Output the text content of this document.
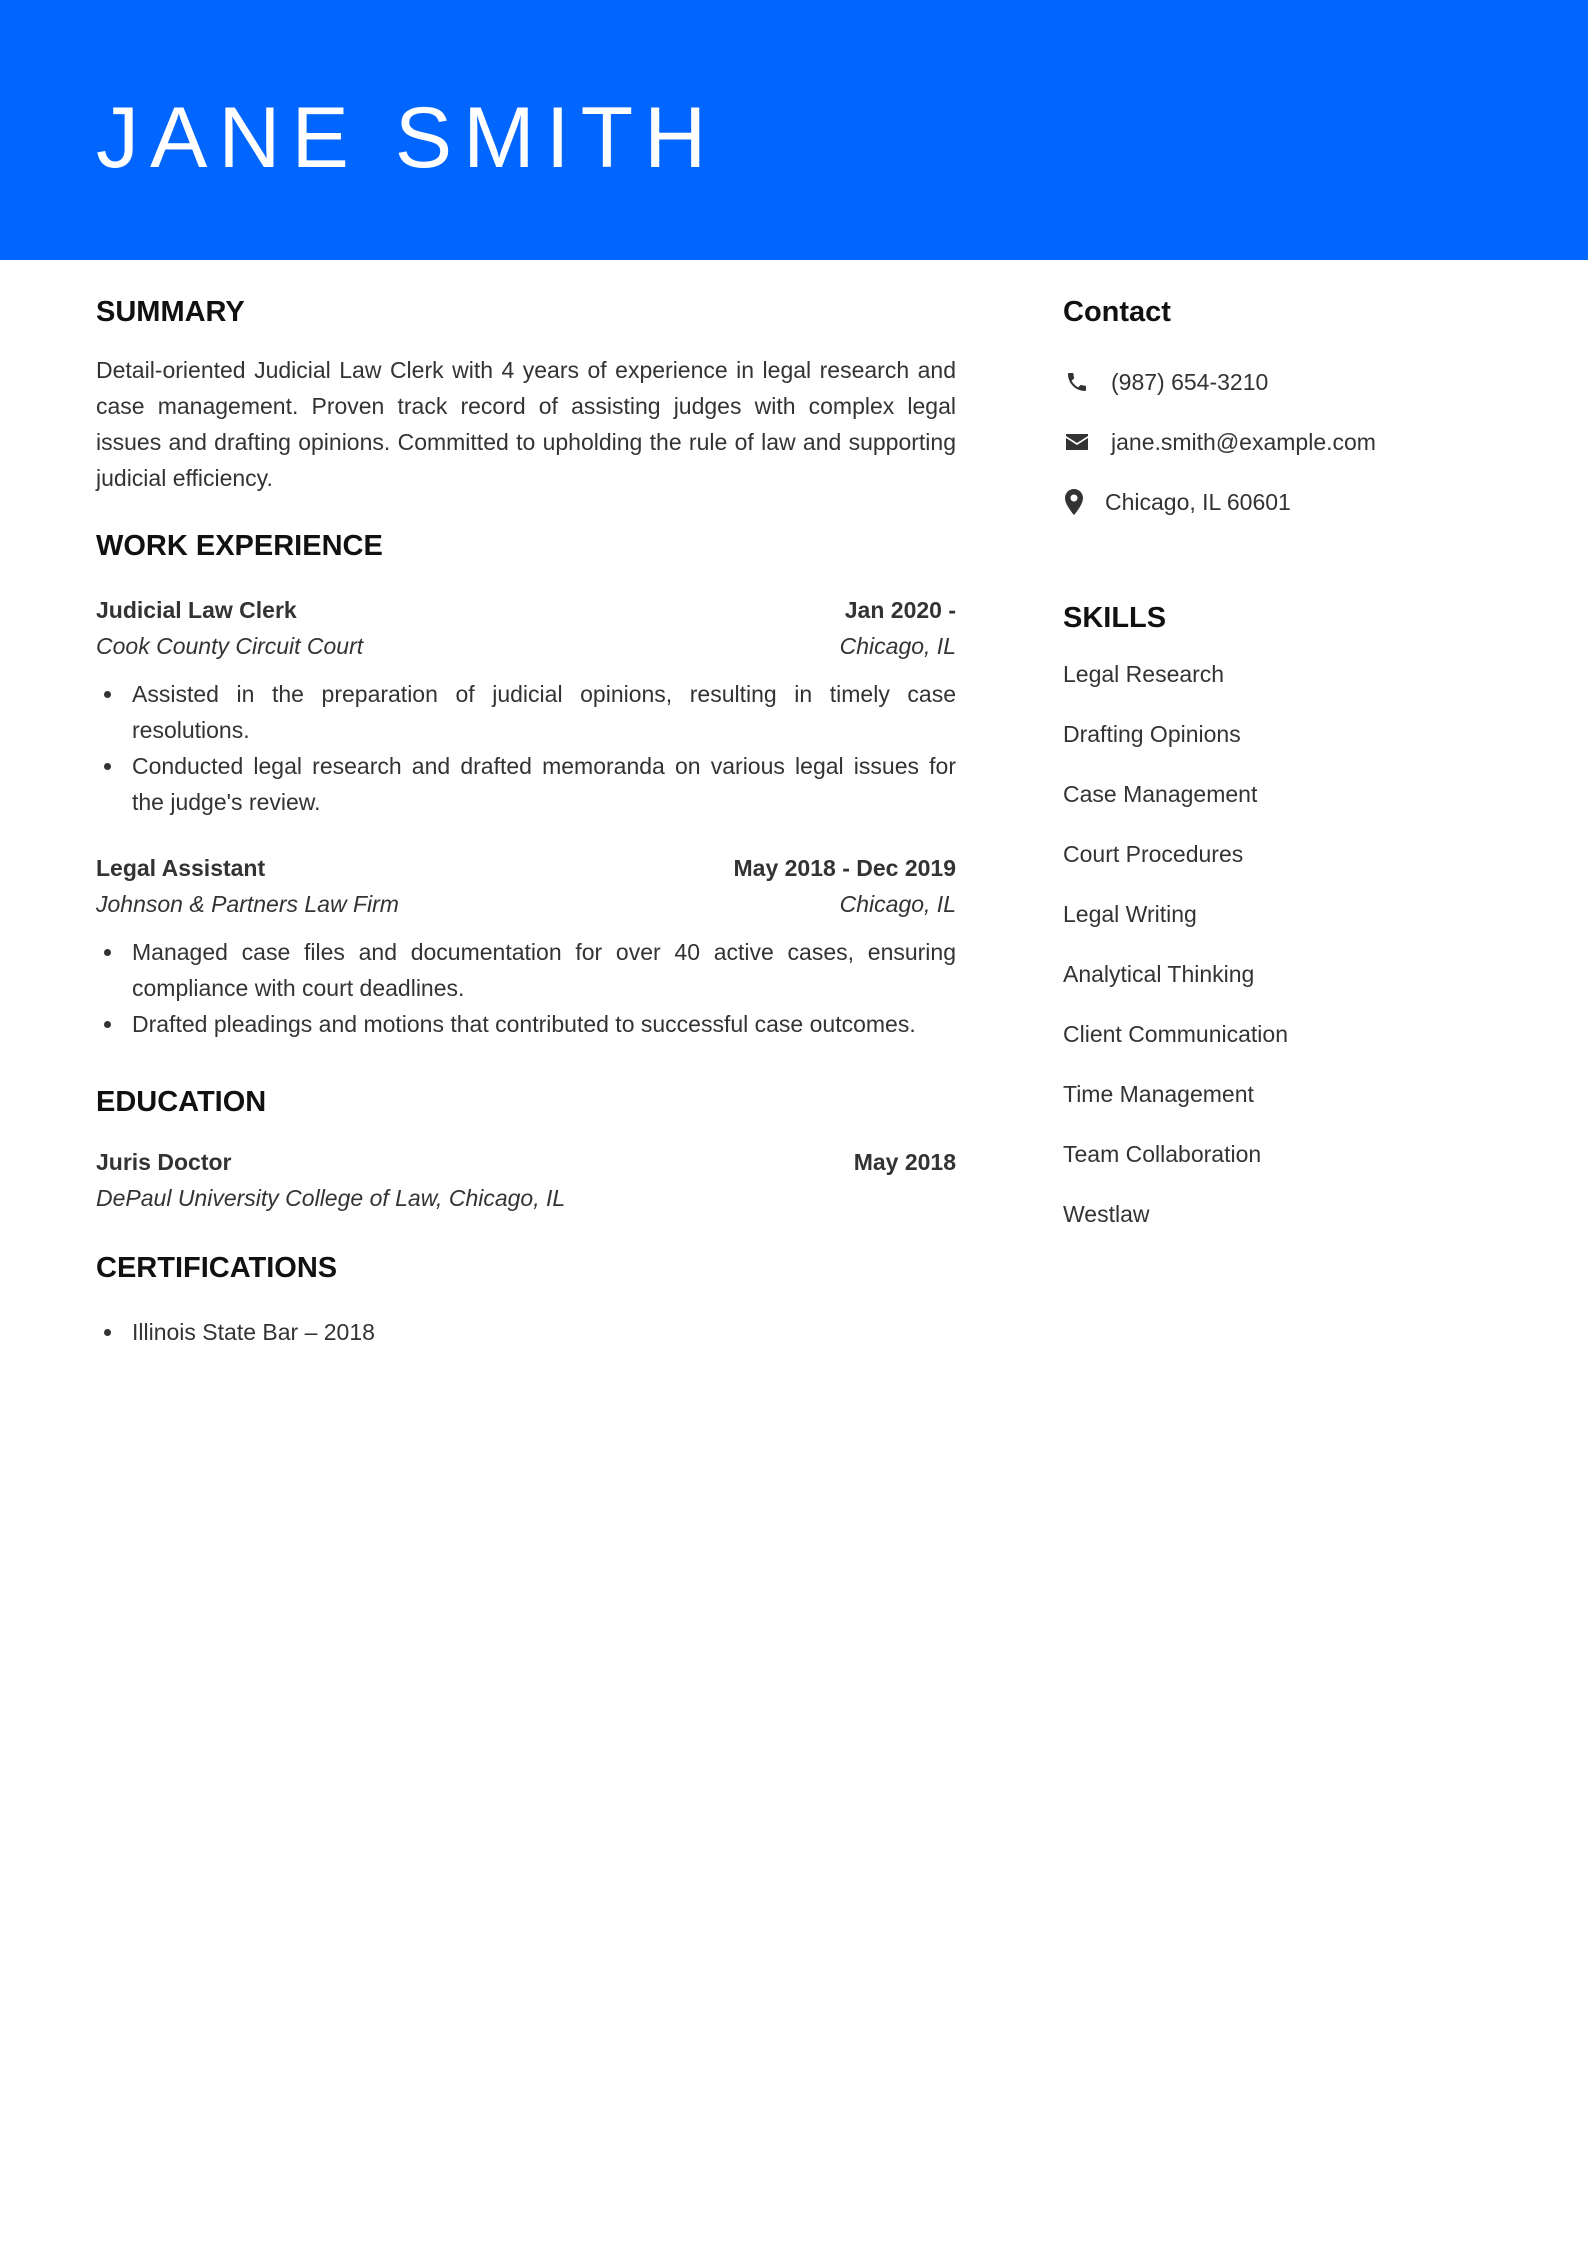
JANE SMITH
SUMMARY
Detail-oriented Judicial Law Clerk with 4 years of experience in legal research and case management. Proven track record of assisting judges with complex legal issues and drafting opinions. Committed to upholding the rule of law and supporting judicial efficiency.
WORK EXPERIENCE
Judicial Law Clerk	Jan 2020 -
Cook County Circuit Court	Chicago, IL
Assisted in the preparation of judicial opinions, resulting in timely case resolutions.
Conducted legal research and drafted memoranda on various legal issues for the judge's review.
Legal Assistant	May 2018 - Dec 2019
Johnson & Partners Law Firm	Chicago, IL
Managed case files and documentation for over 40 active cases, ensuring compliance with court deadlines.
Drafted pleadings and motions that contributed to successful case outcomes.
EDUCATION
Juris Doctor	May 2018
DePaul University College of Law, Chicago, IL
CERTIFICATIONS
Illinois State Bar – 2018
Contact
(987) 654-3210
jane.smith@example.com
Chicago, IL 60601
SKILLS
Legal Research
Drafting Opinions
Case Management
Court Procedures
Legal Writing
Analytical Thinking
Client Communication
Time Management
Team Collaboration
Westlaw
